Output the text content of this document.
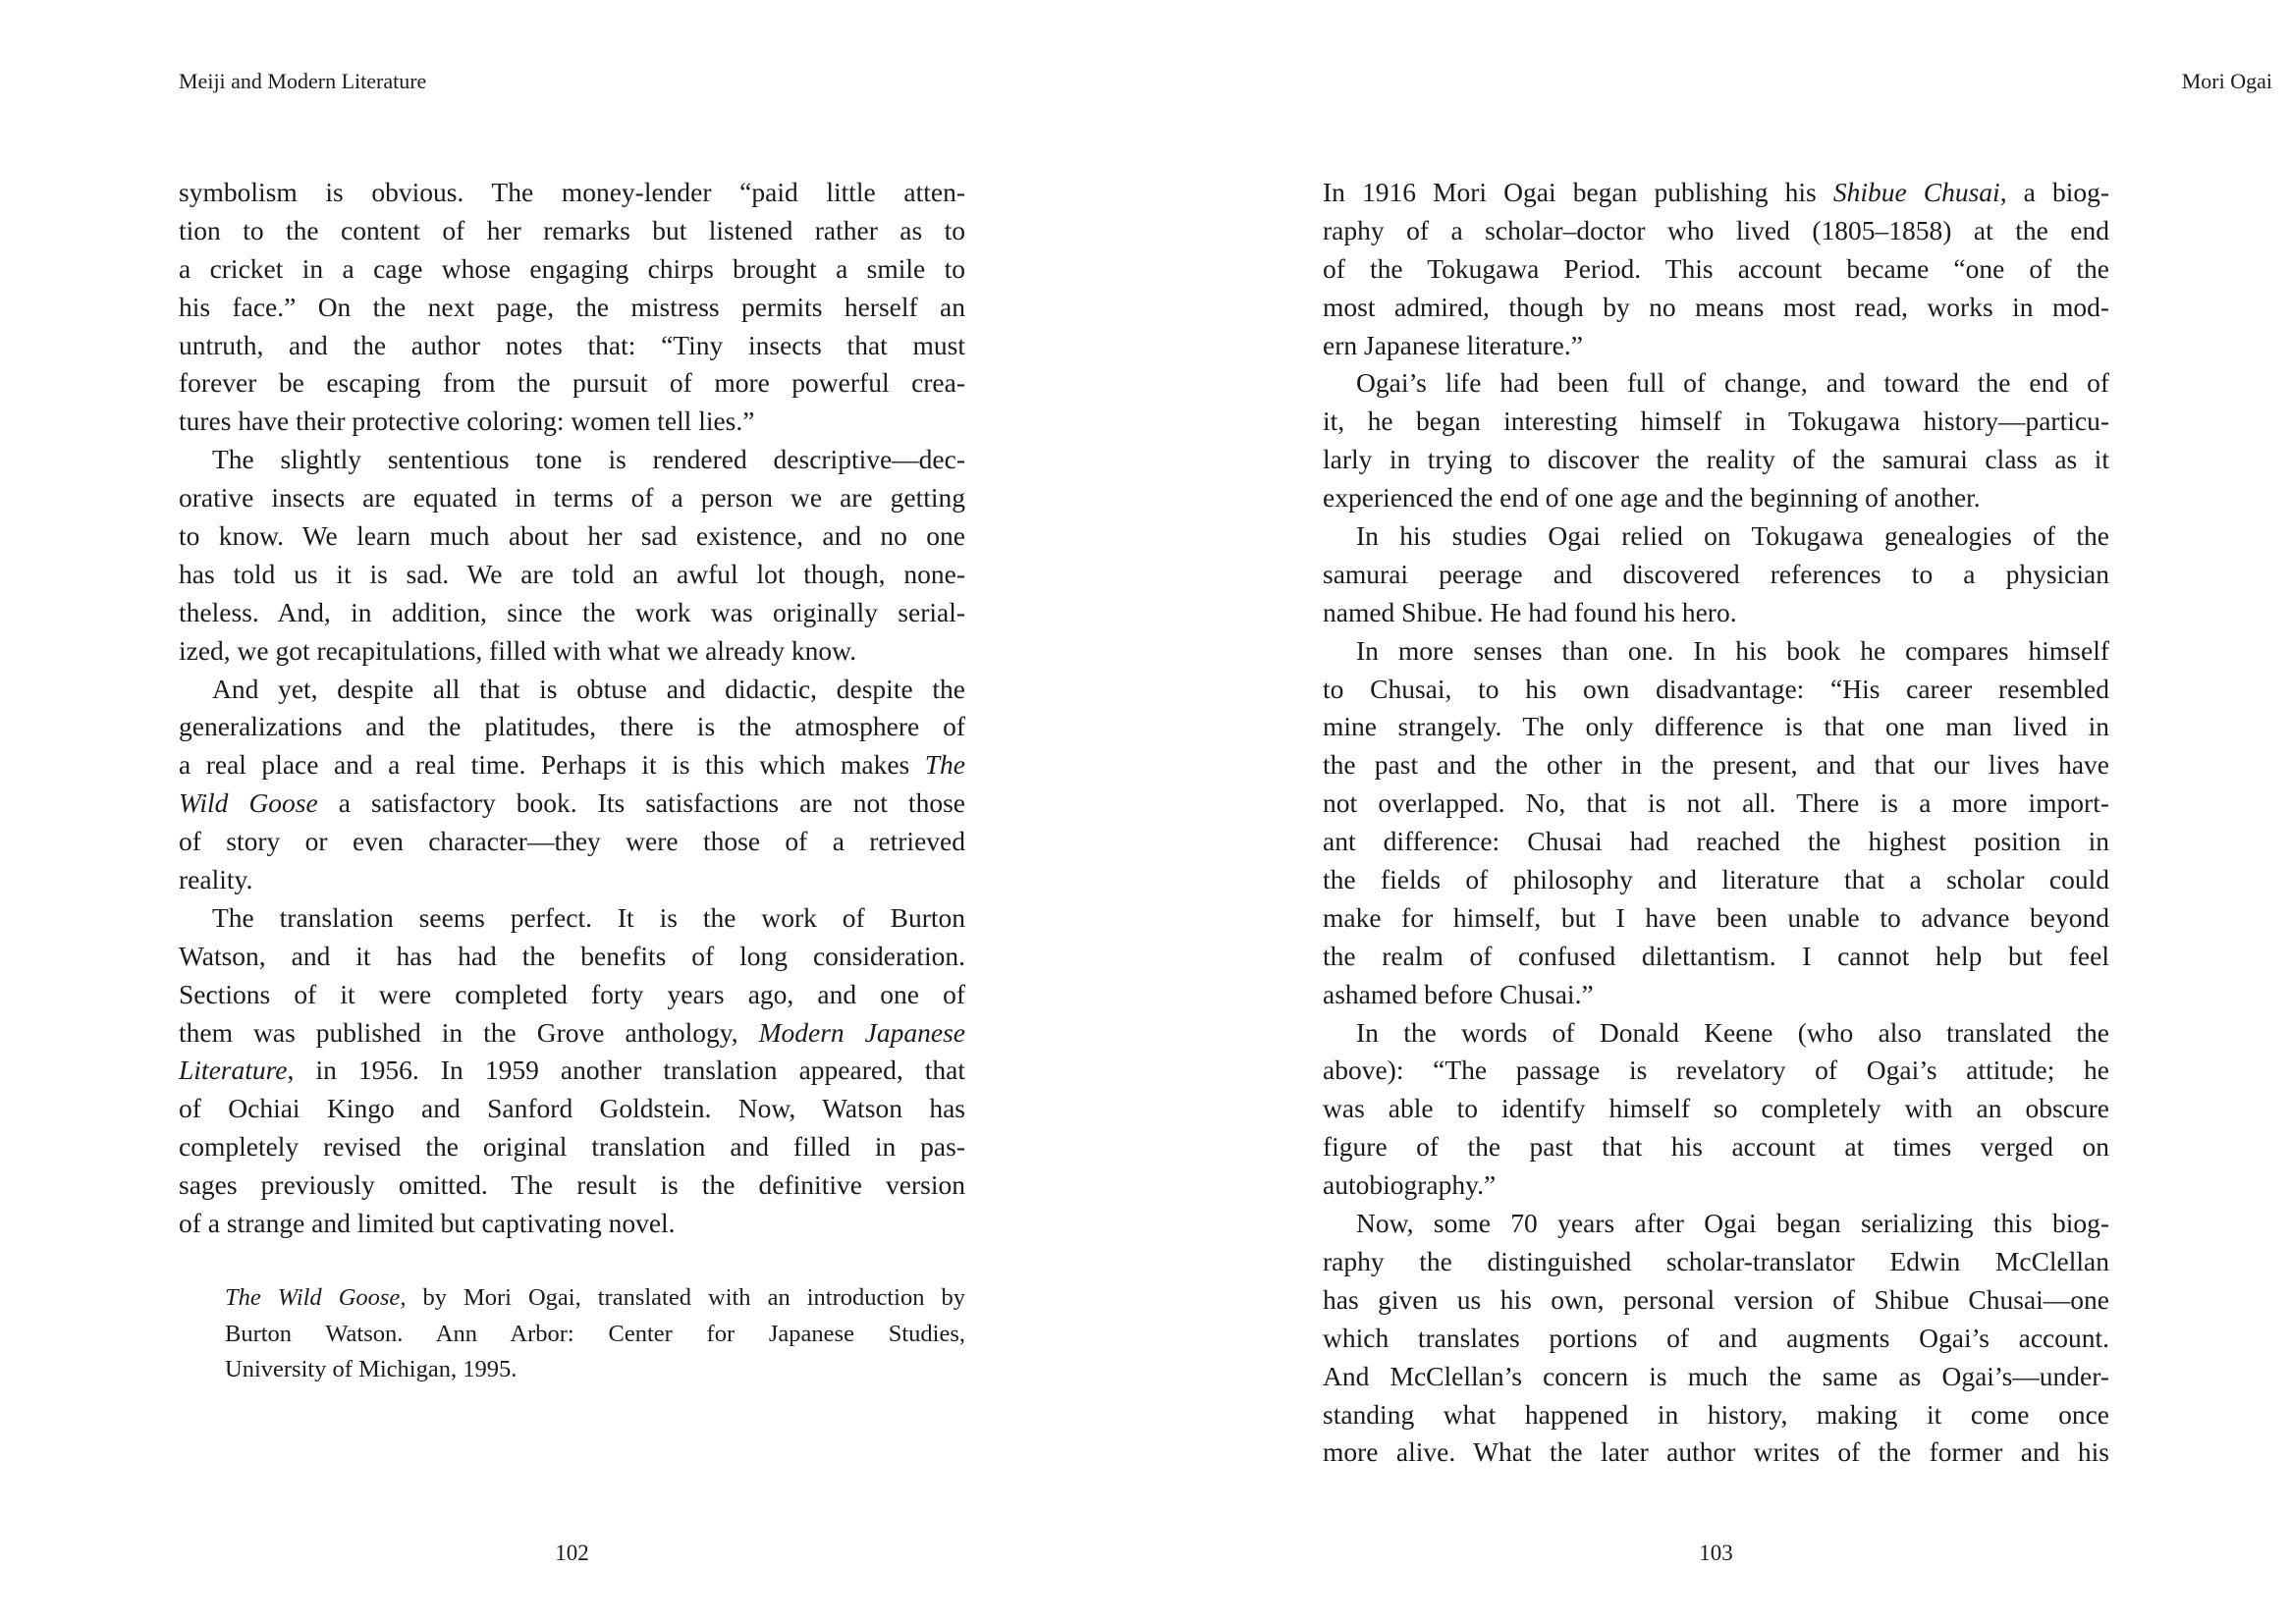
Meiji and Modern Literature
symbolism is obvious. The money-lender “paid little atten-
tion to the content of her remarks but listened rather as to
a cricket in a cage whose engaging chirps brought a smile to
his face.” On the next page, the mistress permits herself an
untruth, and the author notes that: “Tiny insects that must
forever be escaping from the pursuit of more powerful crea-
tures have their protective coloring: women tell lies.”
The slightly sententious tone is rendered descriptive—dec-
orative insects are equated in terms of a person we are getting
to know. We learn much about her sad existence, and no one
has told us it is sad. We are told an awful lot though, none-
theless. And, in addition, since the work was originally serial-
ized, we got recapitulations, filled with what we already know.
And yet, despite all that is obtuse and didactic, despite the
generalizations and the platitudes, there is the atmosphere of
a real place and a real time. Perhaps it is this which makes The
Wild Goose a satisfactory book. Its satisfactions are not those
of story or even character—they were those of a retrieved
reality.
The translation seems perfect. It is the work of Burton
Watson, and it has had the benefits of long consideration.
Sections of it were completed forty years ago, and one of
them was published in the Grove anthology, Modern Japanese
Literature, in 1956. In 1959 another translation appeared, that
of Ochiai Kingo and Sanford Goldstein. Now, Watson has
completely revised the original translation and filled in pas-
sages previously omitted. The result is the definitive version
of a strange and limited but captivating novel.
The Wild Goose, by Mori Ogai, translated with an introduction by
Burton Watson. Ann Arbor: Center for Japanese Studies,
University of Michigan, 1995.
102
Mori Ogai
In 1916 Mori Ogai began publishing his Shibue Chusai, a biog-
raphy of a scholar–doctor who lived (1805–1858) at the end
of the Tokugawa Period. This account became “one of the
most admired, though by no means most read, works in mod-
ern Japanese literature.”
Ogai’s life had been full of change, and toward the end of
it, he began interesting himself in Tokugawa history—particu-
larly in trying to discover the reality of the samurai class as it
experienced the end of one age and the beginning of another.
In his studies Ogai relied on Tokugawa genealogies of the
samurai peerage and discovered references to a physician
named Shibue. He had found his hero.
In more senses than one. In his book he compares himself
to Chusai, to his own disadvantage: “His career resembled
mine strangely. The only difference is that one man lived in
the past and the other in the present, and that our lives have
not overlapped. No, that is not all. There is a more import-
ant difference: Chusai had reached the highest position in
the fields of philosophy and literature that a scholar could
make for himself, but I have been unable to advance beyond
the realm of confused dilettantism. I cannot help but feel
ashamed before Chusai.”
In the words of Donald Keene (who also translated the
above): “The passage is revelatory of Ogai’s attitude; he
was able to identify himself so completely with an obscure
figure of the past that his account at times verged on
autobiography.”
Now, some 70 years after Ogai began serializing this biog-
raphy the distinguished scholar-translator Edwin McClellan
has given us his own, personal version of Shibue Chusai—one
which translates portions of and augments Ogai’s account.
And McClellan’s concern is much the same as Ogai’s—under-
standing what happened in history, making it come once
more alive. What the later author writes of the former and his
103
